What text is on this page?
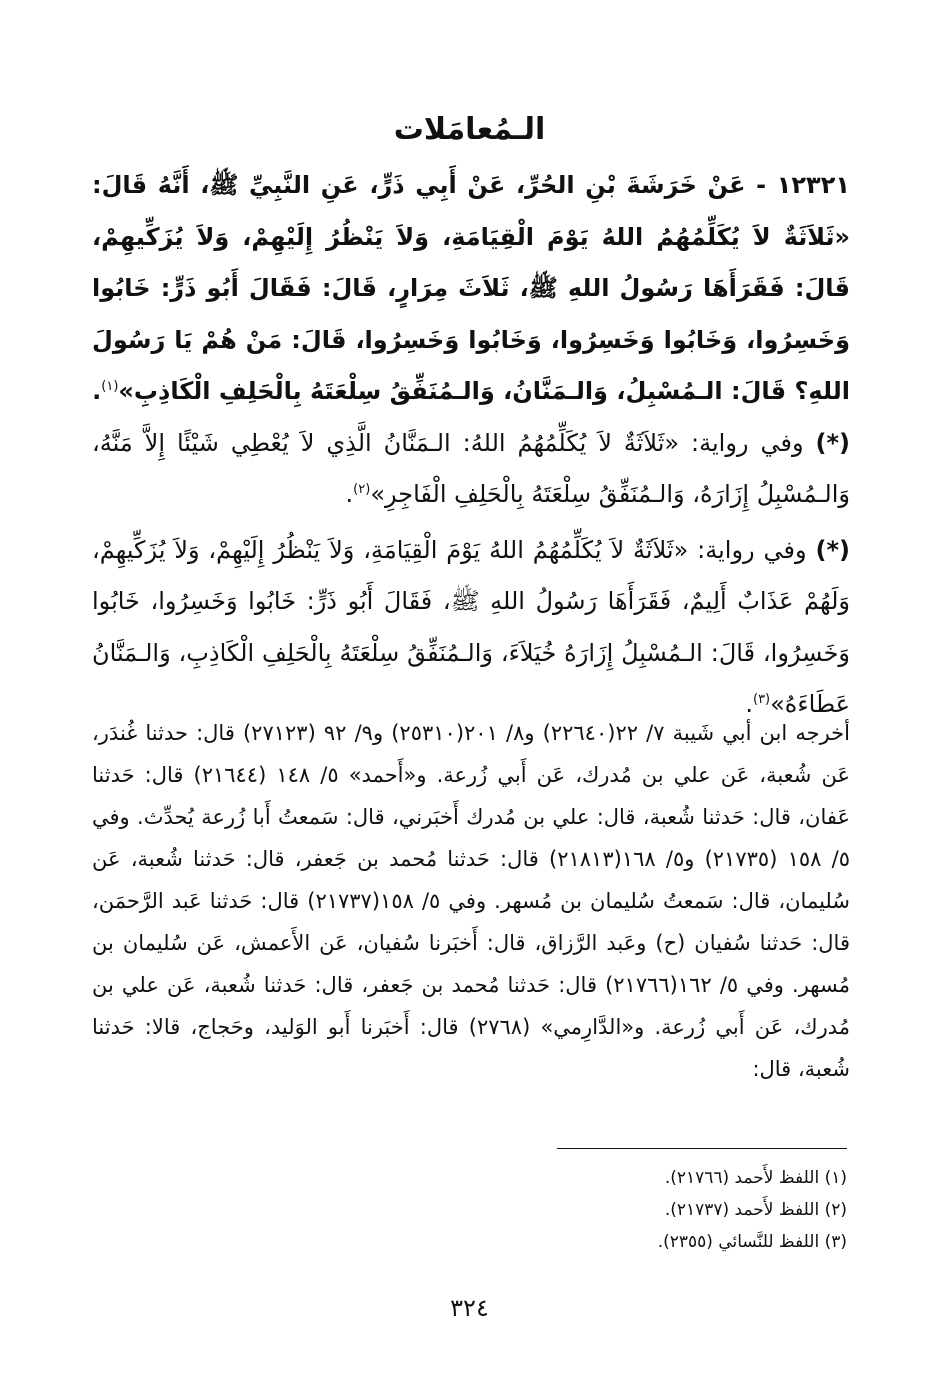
الـمُعامَلات

١٢٣٢١ - عَنْ خَرَشَةَ بْنِ الحُرِّ، عَنْ أَبِي ذَرٍّ، عَنِ النَّبِيِّ ﷺ، أَنَّهُ قَالَ: «ثَلاَثَةٌ لاَ يُكَلِّمُهُمُ اللهُ يَوْمَ الْقِيَامَةِ، وَلاَ يَنْظُرُ إِلَيْهِمْ، وَلاَ يُزَكِّيهِمْ، قَالَ: فَقَرَأَهَا رَسُولُ اللهِ ﷺ، ثَلاَثَ مِرَارٍ، قَالَ: فَقَالَ أَبُو ذَرٍّ: خَابُوا وَخَسِرُوا، وَخَابُوا وَخَسِرُوا، وَخَابُوا وَخَسِرُوا، قَالَ: مَنْ هُمْ يَا رَسُولَ اللهِ؟ قَالَ: الـمُسْبِلُ، وَالـمَنَّانُ، وَالـمُنَفِّقُ سِلْعَتَهُ بِالْحَلِفِ الْكَاذِبِ»$^{(١)}$.

(*) وفي رواية: «ثَلاَثَةٌ لاَ يُكَلِّمُهُمُ اللهُ: الـمَنَّانُ الَّذِي لاَ يُعْطِي شَيْئًا إِلاَّ مَنَّهُ، وَالـمُسْبِلُ إِزَارَهُ، وَالـمُنَفِّقُ سِلْعَتَهُ بِالْحَلِفِ الْفَاجِرِ»$^{(٢)}$.

(*) وفي رواية: «ثَلاَثَةٌ لاَ يُكَلِّمُهُمُ اللهُ يَوْمَ الْقِيَامَةِ، وَلاَ يَنْظُرُ إِلَيْهِمْ، وَلاَ يُزَكِّيهِمْ، وَلَهُمْ عَذَابٌ أَلِيمٌ، فَقَرَأَهَا رَسُولُ اللهِ ﷺ، فَقَالَ أَبُو ذَرٍّ: خَابُوا وَخَسِرُوا، خَابُوا وَخَسِرُوا، قَالَ: الـمُسْبِلُ إِزَارَهُ خُيَلاَءَ، وَالـمُنَفِّقُ سِلْعَتَهُ بِالْحَلِفِ الْكَاذِبِ، وَالـمَنَّانُ عَطَاءَهُ»$^{(٣)}$.

أخرجه ابن أبي شَيبة ٧/ ٢٢(٢٢٦٤٠) و٨/ ٢٠١(٢٥٣١٠) و٩/ ٩٢ (٢٧١٢٣) قال: حدثنا غُندَر، عَن شُعبة، عَن علي بن مُدرك، عَن أَبي زُرعة. و«أَحمد» ٥/ ١٤٨ (٢١٦٤٤) قال: حَدثنا عَفان، قال: حَدثنا شُعبة، قال: علي بن مُدرك أَخبَرني، قال: سَمعتُ أَبا زُرعة يُحدِّث. وفي ٥/ ١٥٨ (٢١٧٣٥) و٥/ ١٦٨(٢١٨١٣) قال: حَدثنا مُحمد بن جَعفر، قال: حَدثنا شُعبة، عَن سُليمان، قال: سَمعتُ سُليمان بن مُسهر. وفي ٥/ ١٥٨(٢١٧٣٧) قال: حَدثنا عَبد الرَّحمَن، قال: حَدثنا سُفيان (ح) وعَبد الرَّزاق، قال: أَخبَرنا سُفيان، عَن الأَعمش، عَن سُليمان بن مُسهر. وفي ٥/ ١٦٢(٢١٧٦٦) قال: حَدثنا مُحمد بن جَعفر، قال: حَدثنا شُعبة، عَن علي بن مُدرك، عَن أَبي زُرعة. و«الدَّارِمي» (٢٧٦٨) قال: أَخبَرنا أَبو الوَليد، وحَجاج، قالا: حَدثنا شُعبة، قال:

(١) اللفظ لأَحمد (٢١٧٦٦).
(٢) اللفظ لأَحمد (٢١٧٣٧).
(٣) اللفظ للنَّسائي (٢٣٥٥).
٣٢٤
